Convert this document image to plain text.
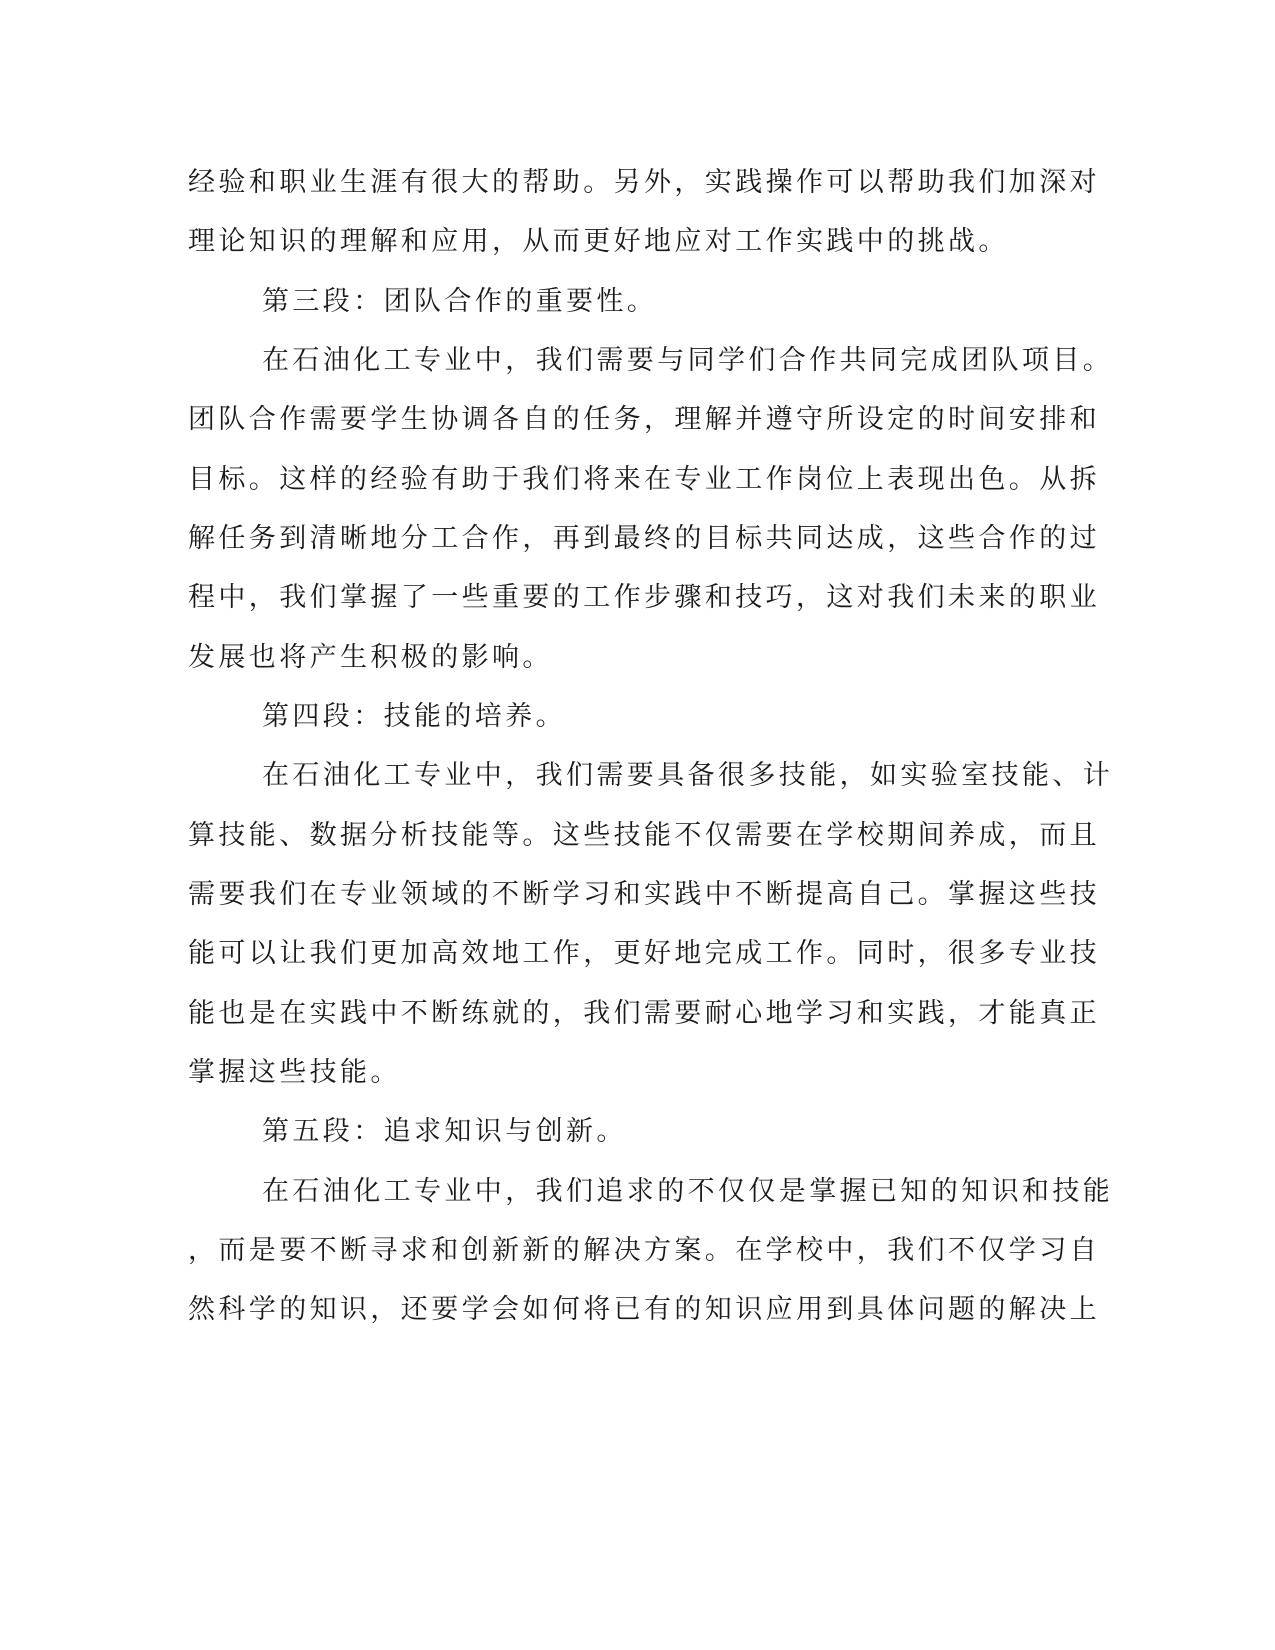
经验和职业生涯有很大的帮助。另外，实践操作可以帮助我们加深对
理论知识的理解和应用，从而更好地应对工作实践中的挑战。
第三段：团队合作的重要性。
在石油化工专业中，我们需要与同学们合作共同完成团队项目。
团队合作需要学生协调各自的任务，理解并遵守所设定的时间安排和
目标。这样的经验有助于我们将来在专业工作岗位上表现出色。从拆
解任务到清晰地分工合作，再到最终的目标共同达成，这些合作的过
程中，我们掌握了一些重要的工作步骤和技巧，这对我们未来的职业
发展也将产生积极的影响。
第四段：技能的培养。
在石油化工专业中，我们需要具备很多技能，如实验室技能、计
算技能、数据分析技能等。这些技能不仅需要在学校期间养成，而且
需要我们在专业领域的不断学习和实践中不断提高自己。掌握这些技
能可以让我们更加高效地工作，更好地完成工作。同时，很多专业技
能也是在实践中不断练就的，我们需要耐心地学习和实践，才能真正
掌握这些技能。
第五段：追求知识与创新。
在石油化工专业中，我们追求的不仅仅是掌握已知的知识和技能
，而是要不断寻求和创新新的解决方案。在学校中，我们不仅学习自
然科学的知识，还要学会如何将已有的知识应用到具体问题的解决上
